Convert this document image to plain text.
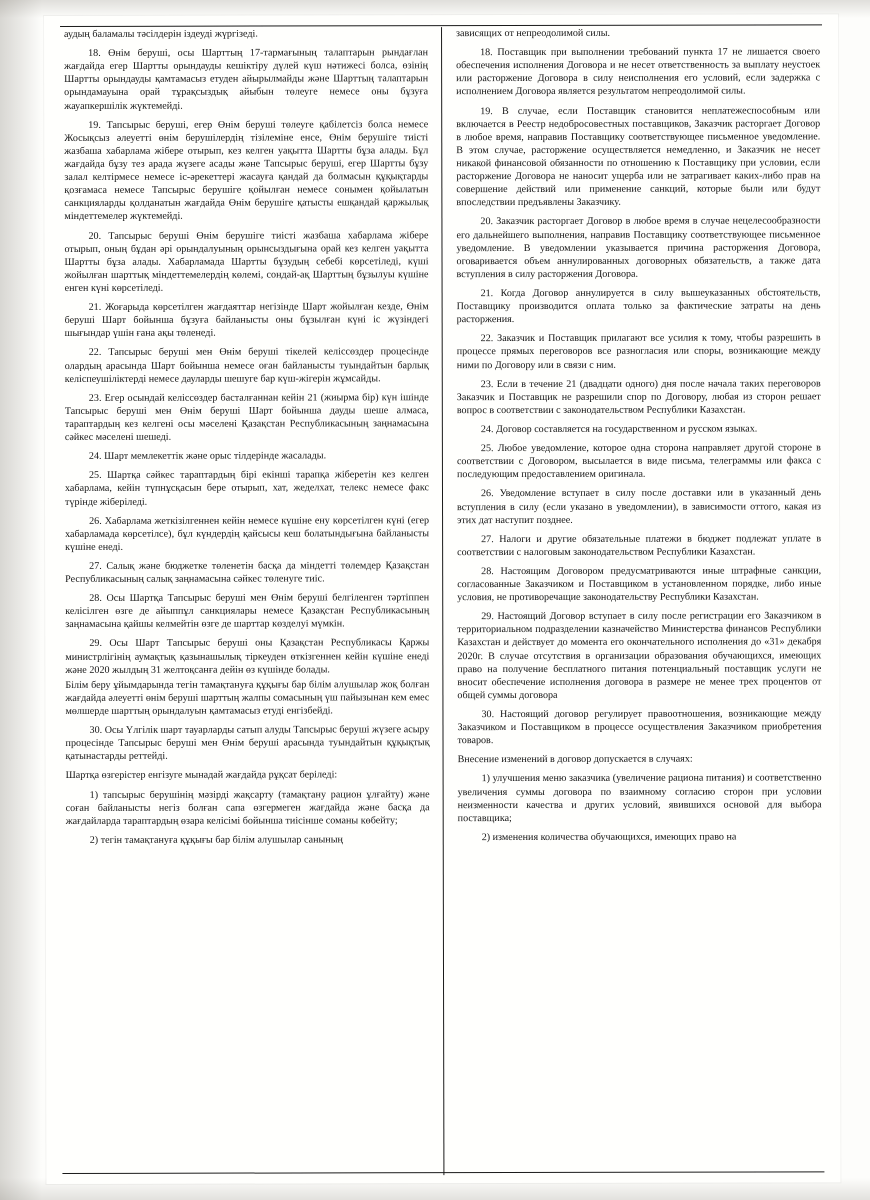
аудың баламалы тәсілдерін іздеуді жүргізеді.

18. Өнім беруші, осы Шарттың 17-тармағының талаптарын рындағлан жағдайда егер Шартты орындауды кешіктіру дүлей күш нәтижесі болса, өзінің Шартты орындауды қамтамасыз етуден айырылмайды және Шарттың талаптарын орындамауына орай тұрақсыздық айыбын төлеуге немесе оны бұзуға жауапкершілік жүктемейді.

19. Тапсырыс беруші, егер Өнім беруші төлеуге қабілетсіз болса немесе Жосықсыз әлеуетті өнім берушілердің тізілеміне енсе, Өнім берушіге тиісті жазбаша хабарлама жібере отырып, кез келген уақытта Шартты бұза алады. Бұл жағдайда бұзу тез арада жүзеге асады және Тапсырыс беруші, егер Шартты бұзу залал келтірмесе немесе іс-әрекеттері жасауға қандай да болмасын құқықтарды қозғамаса немесе Тапсырыс берушіге қойылған немесе сонымен қойылатын санкцияларды қолданатын жағдайда Өнім берушіге қатысты ешқандай қаржылық міндеттемелер жүктемейді.

20. Тапсырыс беруші Өнім берушіге тиісті жазбаша хабарлама жібере отырып, оның бұдан әрі орындалуының орынсыздығына орай кез келген уақытта Шартты бұза алады. Хабарламада Шартты бұзудың себебі көрсетіледі, күші жойылған шарттық міндеттемелердің көлемі, сондай-ақ Шарттың бұзылуы күшіне енген күні көрсетіледі.

21. Жоғарыда көрсетілген жағдаяттар негізінде Шарт жойылған кезде, Өнім беруші Шарт бойынша бұзуға байланысты оны бұзылған күні іс жүзіндегі шығындар үшін ғана ақы төленеді.

22. Тапсырыс беруші мен Өнім беруші тікелей келіссөздер процесінде олардың арасында Шарт бойынша немесе оған байланысты туындайтын барлық келіспеушіліктерді немесе дауларды шешуге бар күш-жігерін жұмсайды.

23. Егер осындай келіссөздер басталғаннан кейін 21 (жиырма бір) күн ішінде Тапсырыс беруші мен Өнім беруші Шарт бойынша дауды шеше алмаса, тараптардың кез келгені осы мәселені Қазақстан Республикасының заңнамасына сәйкес мәселені шешеді.

24. Шарт мемлекеттік және орыс тілдерінде жасалады.

25. Шартқа сәйкес тараптардың бірі екінші тарапқа жіберетін кез келген хабарлама, кейін түпнұсқасын бере отырып, хат, жеделхат, телекс немесе факс түрінде жіберіледі.

26. Хабарлама жеткізілгеннен кейін немесе күшіне ену көрсетілген күні (егер хабарламада көрсетілсе), бұл күндердің қайсысы кеш болатындығына байланысты күшіне енеді.

27. Салық және бюджетке төленетін басқа да міндетті төлемдер Қазақстан Республикасының салық заңнамасына сәйкес төленуге тиіс.

28. Осы Шартқа Тапсырыс беруші мен Өнім беруші белгіленген тәртіппен келісілген өзге де айыппұл санкциялары немесе Қазақстан Республикасының заңнамасына қайшы келмейтін өзге де шарттар көзделуі мүмкін.

29. Осы Шарт Тапсырыс беруші оны Қазақстан Республикасы Қаржы министрлігінің аумақтық қазынашылық тіркеуден өткізгеннен кейін күшіне енеді және 2020 жылдың 31 желтоқсанға дейін өз күшінде болады.

Білім беру ұйымдарында тегін тамақтануға құқығы бар білім алушылар жоқ болған жағдайда әлеуетті өнім беруші шарттың жалпы сомасының үш пайызынан кем емес мөлшерде шарттың орындалуын қамтамасыз етуді енгізбейді.

30. Осы Үлгілік шарт тауарларды сатып алуды Тапсырыс беруші жүзеге асыру процесінде Тапсырыс беруші мен Өнім беруші арасында туындайтын құқықтық қатынастарды реттейді.

Шартқа өзгерістер енгізуге мынадай жағдайда рұқсат беріледі:

1) тапсырыс берушінің мәзірді жақсарту (тамақтану рацион ұлғайту) және соған байланысты негіз болған сапа өзгермеген жағдайда және басқа да жағдайларда тараптардың өзара келісімі бойынша тиісінше соманы көбейту;

2) тегін тамақтануға құқығы бар білім алушылар санының

зависящих от непреодолимой силы.

18. Поставщик при выполнении требований пункта 17 не лишается своего обеспечения исполнения Договора и не несет ответственность за выплату неустоек или расторжение Договора в силу неисполнения его условий, если задержка с исполнением Договора является результатом непреодолимой силы.

19. В случае, если Поставщик становится неплатежеспособным или включается в Реестр недобросовестных поставщиков, Заказчик расторгает Договор в любое время, направив Поставщику соответствующее письменное уведомление. В этом случае, расторжение осуществляется немедленно, и Заказчик не несет никакой финансовой обязанности по отношению к Поставщику при условии, если расторжение Договора не наносит ущерба или не затрагивает каких-либо прав на совершение действий или применение санкций, которые были или будут впоследствии предъявлены Заказчику.

20. Заказчик расторгает Договор в любое время в случае нецелесообразности его дальнейшего выполнения, направив Поставщику соответствующее письменное уведомление. В уведомлении указывается причина расторжения Договора, оговаривается объем аннулированных договорных обязательств, а также дата вступления в силу расторжения Договора.

21. Когда Договор аннулируется в силу вышеуказанных обстоятельств, Поставщику производится оплата только за фактические затраты на день расторжения.

22. Заказчик и Поставщик прилагают все усилия к тому, чтобы разрешить в процессе прямых переговоров все разногласия или споры, возникающие между ними по Договору или в связи с ним.

23. Если в течение 21 (двадцати одного) дня после начала таких переговоров Заказчик и Поставщик не разрешили спор по Договору, любая из сторон решает вопрос в соответствии с законодательством Республики Казахстан.

24. Договор составляется на государственном и русском языках.

25. Любое уведомление, которое одна сторона направляет другой стороне в соответствии с Договором, высылается в виде письма, телеграммы или факса с последующим предоставлением оригинала.

26. Уведомление вступает в силу после доставки или в указанный день вступления в силу (если указано в уведомлении), в зависимости оттого, какая из этих дат наступит позднее.

27. Налоги и другие обязательные платежи в бюджет подлежат уплате в соответствии с налоговым законодательством Республики Казахстан.

28. Настоящим Договором предусматриваются иные штрафные санкции, согласованные Заказчиком и Поставщиком в установленном порядке, либо иные условия, не противоречащие законодательству Республики Казахстан.

29. Настоящий Договор вступает в силу после регистрации его Заказчиком в территориальном подразделении казначейство Министерства финансов Республики Казахстан и действует до момента его окончательного исполнения до «31» декабря 2020г. В случае отсутствия в организации образования обучающихся, имеющих право на получение бесплатного питания потенциальный поставщик услуги не вносит обеспечение исполнения договора в размере не менее трех процентов от общей суммы договора

30. Настоящий договор регулирует правоотношения, возникающие между Заказчиком и Поставщиком в процессе осуществления Заказчиком приобретения товаров.

Внесение изменений в договор допускается в случаях:

1) улучшения меню заказчика (увеличение рациона питания) и соответственно увеличения суммы договора по взаимному согласию сторон при условии неизменности качества и других условий, явившихся основой для выбора поставщика;

2) изменения количества обучающихся, имеющих право на
